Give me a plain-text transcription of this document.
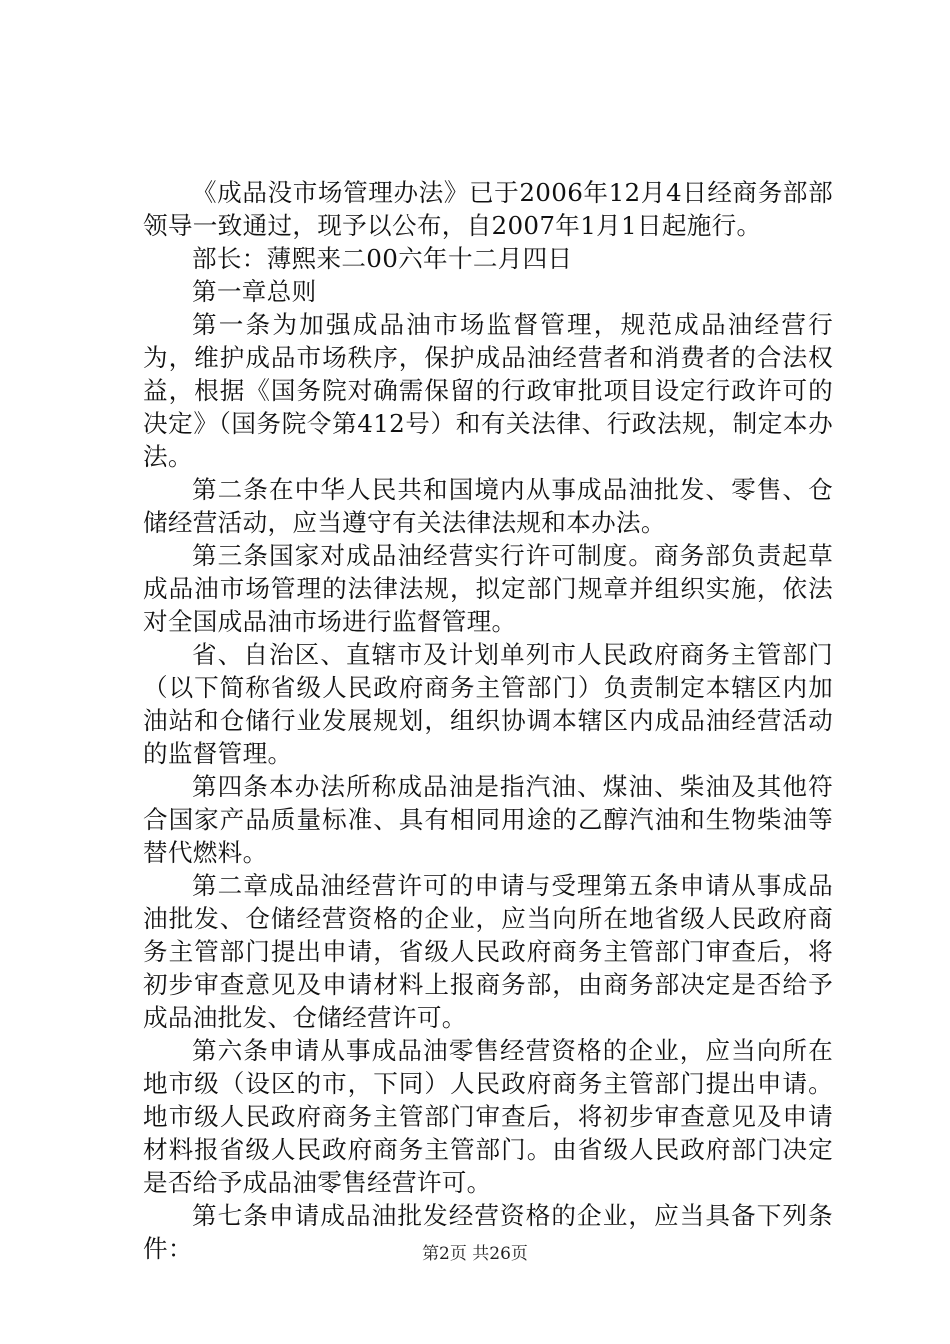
《成品没市场管理办法》已于2006年12月4日经商务部部领导一致通过，现予以公布，自2007年1月1日起施行。

部长：薄熙来二00六年十二月四日

第一章总则

第一条为加强成品油市场监督管理，规范成品油经营行为，维护成品市场秩序，保护成品油经营者和消费者的合法权益，根据《国务院对确需保留的行政审批项目设定行政许可的决定》（国务院令第412号）和有关法律、行政法规，制定本办法。

第二条在中华人民共和国境内从事成品油批发、零售、仓储经营活动，应当遵守有关法律法规和本办法。

第三条国家对成品油经营实行许可制度。商务部负责起草成品油市场管理的法律法规，拟定部门规章并组织实施，依法对全国成品油市场进行监督管理。

省、自治区、直辖市及计划单列市人民政府商务主管部门（以下简称省级人民政府商务主管部门）负责制定本辖区内加油站和仓储行业发展规划，组织协调本辖区内成品油经营活动的监督管理。

第四条本办法所称成品油是指汽油、煤油、柴油及其他符合国家产品质量标准、具有相同用途的乙醇汽油和生物柴油等替代燃料。

第二章成品油经营许可的申请与受理第五条申请从事成品油批发、仓储经营资格的企业，应当向所在地省级人民政府商务主管部门提出申请，省级人民政府商务主管部门审查后，将初步审查意见及申请材料上报商务部，由商务部决定是否给予成品油批发、仓储经营许可。

第六条申请从事成品油零售经营资格的企业，应当向所在地市级（设区的市，下同）人民政府商务主管部门提出申请。地市级人民政府商务主管部门审查后，将初步审查意见及申请材料报省级人民政府商务主管部门。由省级人民政府部门决定是否给予成品油零售经营许可。

第七条申请成品油批发经营资格的企业，应当具备下列条件：	第2页 共26页
